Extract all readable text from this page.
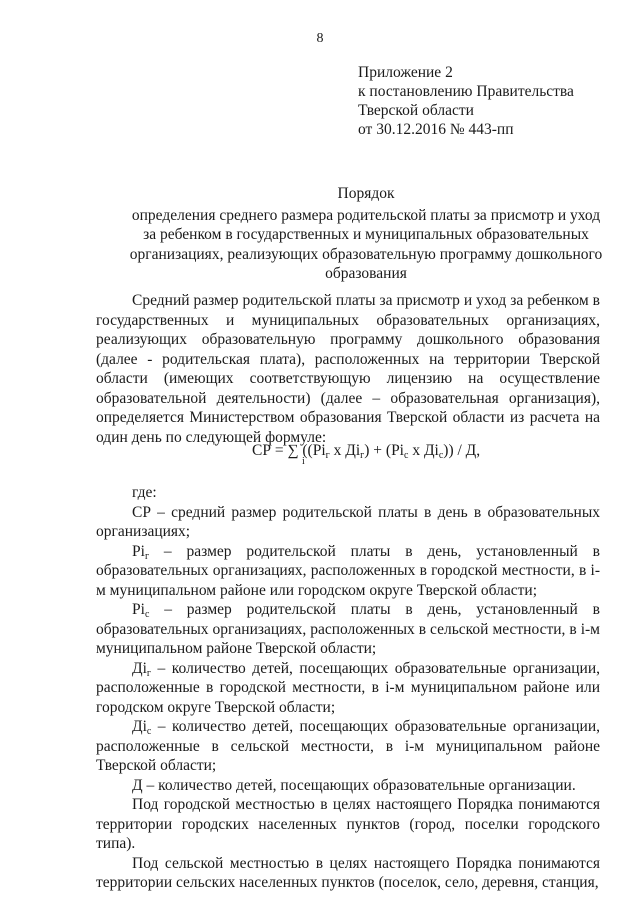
8
Приложение 2
к постановлению Правительства
Тверской области
от 30.12.2016 № 443-пп
Порядок
определения среднего размера родительской платы за присмотр и уход
за ребенком в государственных и муниципальных образовательных
организациях, реализующих образовательную программу дошкольного
образования
Средний размер родительской платы за присмотр и уход за ребенком в государственных и муниципальных образовательных организациях, реализующих образовательную программу дошкольного образования (далее - родительская плата), расположенных на территории Тверской области (имеющих соответствующую лицензию на осуществление образовательной деятельности) (далее – образовательная организация), определяется Министерством образования Тверской области из расчета на один день по следующей формуле:
СР = ∑ (($Pi_г$ x $Дi_г) + (Pi_с$ x $Дi_с$)) / Д,
i
где:
СР – средний размер родительской платы в день в образовательных организациях;
$Pi_г$ – размер родительской платы в день, установленный в образовательных организациях, расположенных в городской местности, в i-м муниципальном районе или городском округе Тверской области;
$Pi_с$ – размер родительской платы в день, установленный в образовательных организациях, расположенных в сельской местности, в i-м муниципальном районе Тверской области;
$Дi_г$ – количество детей, посещающих образовательные организации, расположенные в городской местности, в i-м муниципальном районе или городском округе Тверской области;
$Дi_с$ – количество детей, посещающих образовательные организации, расположенные в сельской местности, в i-м муниципальном районе Тверской области;
Д – количество детей, посещающих образовательные организации.
Под городской местностью в целях настоящего Порядка понимаются территории городских населенных пунктов (город, поселки городского типа).
Под сельской местностью в целях настоящего Порядка понимаются территории сельских населенных пунктов (поселок, село, деревня, станция,
